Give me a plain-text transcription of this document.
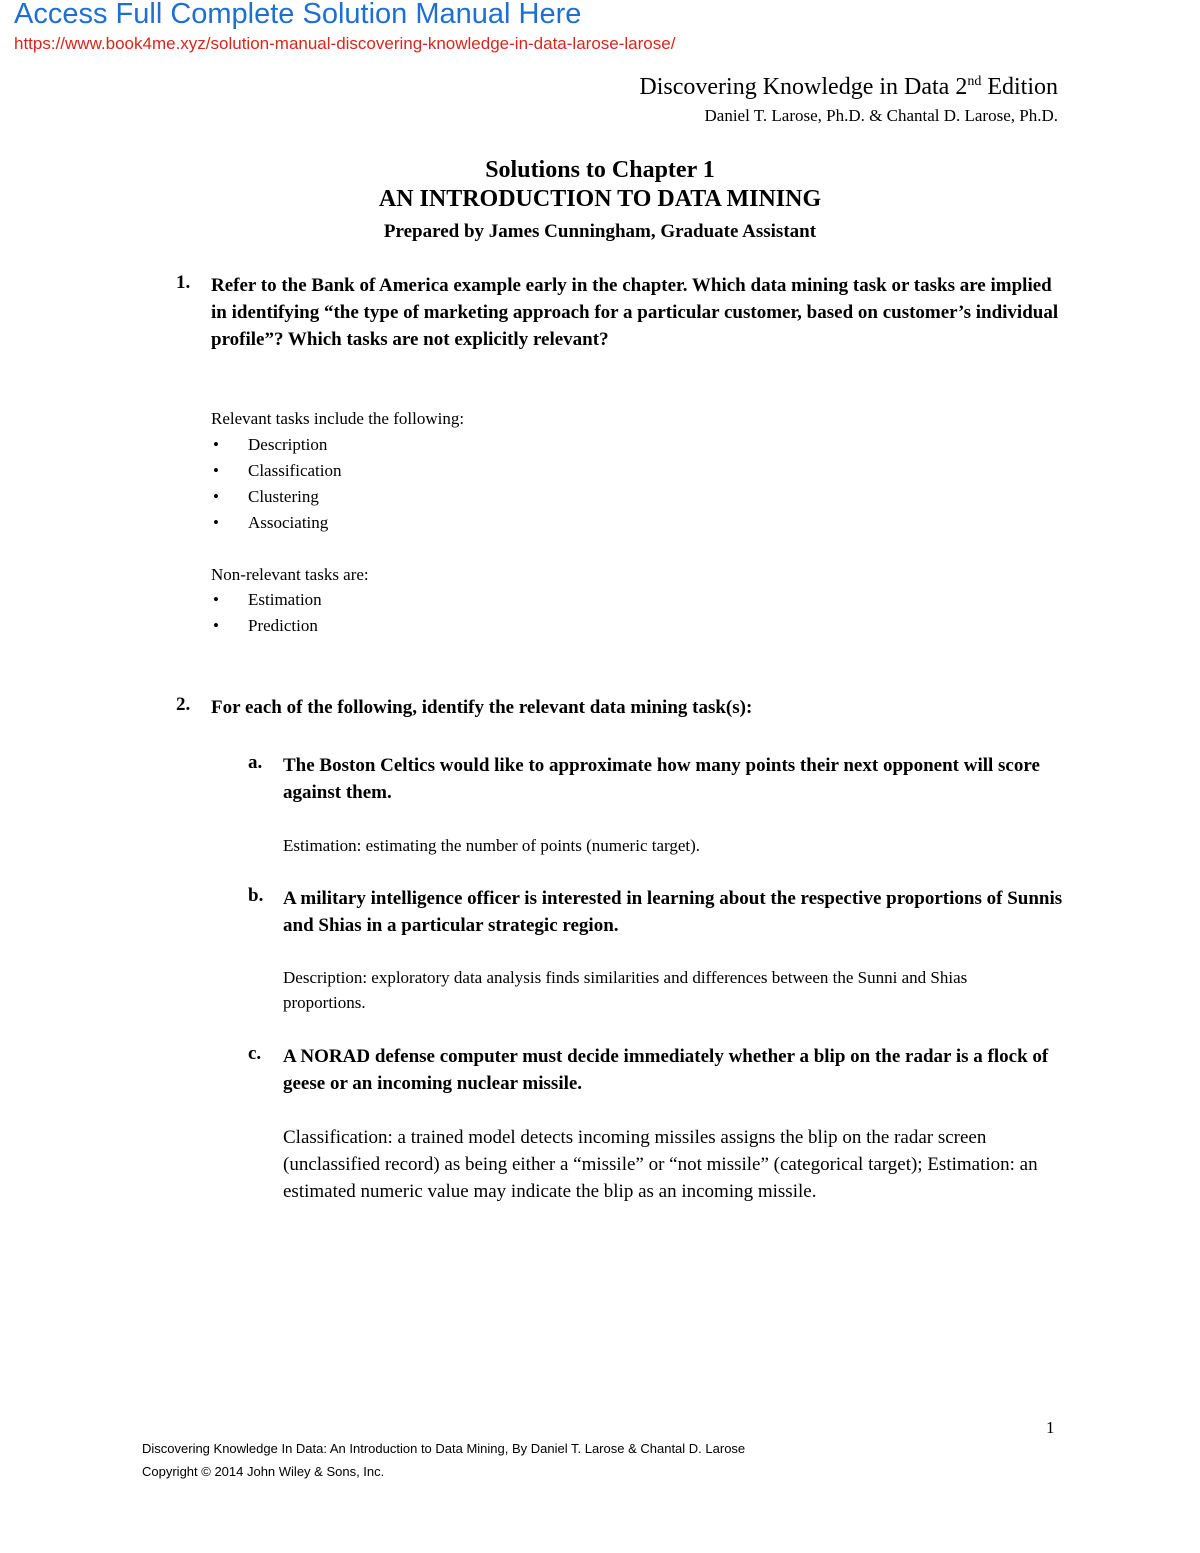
Access Full Complete Solution Manual Here
https://www.book4me.xyz/solution-manual-discovering-knowledge-in-data-larose-larose/
Discovering Knowledge in Data 2nd Edition
Daniel T. Larose, Ph.D. & Chantal D. Larose, Ph.D.
Solutions to Chapter 1
AN INTRODUCTION TO DATA MINING
Prepared by James Cunningham, Graduate Assistant
1. Refer to the Bank of America example early in the chapter. Which data mining task or tasks are implied in identifying “the type of marketing approach for a particular customer, based on customer’s individual profile”? Which tasks are not explicitly relevant?

Relevant tasks include the following:

• Description
• Classification
• Clustering
• Associating

Non-relevant tasks are:

• Estimation
• Prediction
2. For each of the following, identify the relevant data mining task(s):

a. The Boston Celtics would like to approximate how many points their next opponent will score against them.

Estimation: estimating the number of points (numeric target).

b. A military intelligence officer is interested in learning about the respective proportions of Sunnis and Shias in a particular strategic region.

Description: exploratory data analysis finds similarities and differences between the Sunni and Shias proportions.

c. A NORAD defense computer must decide immediately whether a blip on the radar is a flock of geese or an incoming nuclear missile.

Classification: a trained model detects incoming missiles assigns the blip on the radar screen (unclassified record) as being either a “missile” or “not missile” (categorical target); Estimation: an estimated numeric value may indicate the blip as an incoming missile.

1
Discovering Knowledge In Data: An Introduction to Data Mining, By Daniel T. Larose & Chantal D. Larose
Copyright © 2014 John Wiley & Sons, Inc.
